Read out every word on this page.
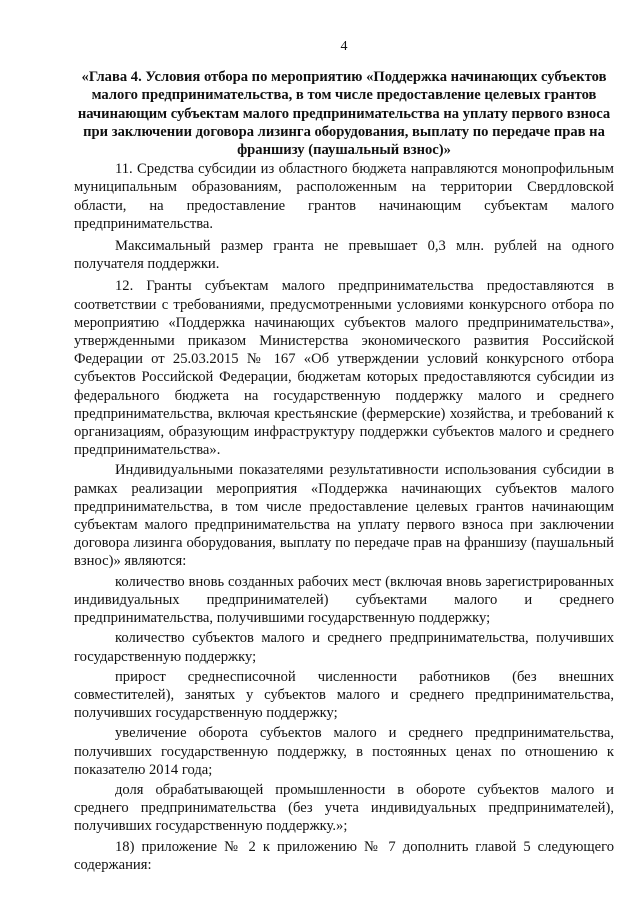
4
«Глава 4. Условия отбора по мероприятию «Поддержка начинающих субъектов малого предпринимательства, в том числе предоставление целевых грантов начинающим субъектам малого предпринимательства на уплату первого взноса при заключении договора лизинга оборудования, выплату по передаче прав на франшизу (паушальный взнос)»

11. Средства субсидии из областного бюджета направляются монопрофильным муниципальным образованиям, расположенным на территории Свердловской области, на предоставление грантов начинающим субъектам малого предпринимательства.

Максимальный размер гранта не превышает 0,3 млн. рублей на одного получателя поддержки.

12. Гранты субъектам малого предпринимательства предоставляются в соответствии с требованиями, предусмотренными условиями конкурсного отбора по мероприятию «Поддержка начинающих субъектов малого предпринимательства», утвержденными приказом Министерства экономического развития Российской Федерации от 25.03.2015 № 167 «Об утверждении условий конкурсного отбора субъектов Российской Федерации, бюджетам которых предоставляются субсидии из федерального бюджета на государственную поддержку малого и среднего предпринимательства, включая крестьянские (фермерские) хозяйства, и требований к организациям, образующим инфраструктуру поддержки субъектов малого и среднего предпринимательства».

Индивидуальными показателями результативности использования субсидии в рамках реализации мероприятия «Поддержка начинающих субъектов малого предпринимательства, в том числе предоставление целевых грантов начинающим субъектам малого предпринимательства на уплату первого взноса при заключении договора лизинга оборудования, выплату по передаче прав на франшизу (паушальный взнос)» являются:

количество вновь созданных рабочих мест (включая вновь зарегистрированных индивидуальных предпринимателей) субъектами малого и среднего предпринимательства, получившими государственную поддержку;

количество субъектов малого и среднего предпринимательства, получивших государственную поддержку;

прирост среднесписочной численности работников (без внешних совместителей), занятых у субъектов малого и среднего предпринимательства, получивших государственную поддержку;

увеличение оборота субъектов малого и среднего предпринимательства, получивших государственную поддержку, в постоянных ценах по отношению к показателю 2014 года;

доля обрабатывающей промышленности в обороте субъектов малого и среднего предпринимательства (без учета индивидуальных предпринимателей), получивших государственную поддержку.»;

18) приложение № 2 к приложению № 7 дополнить главой 5 следующего содержания:
